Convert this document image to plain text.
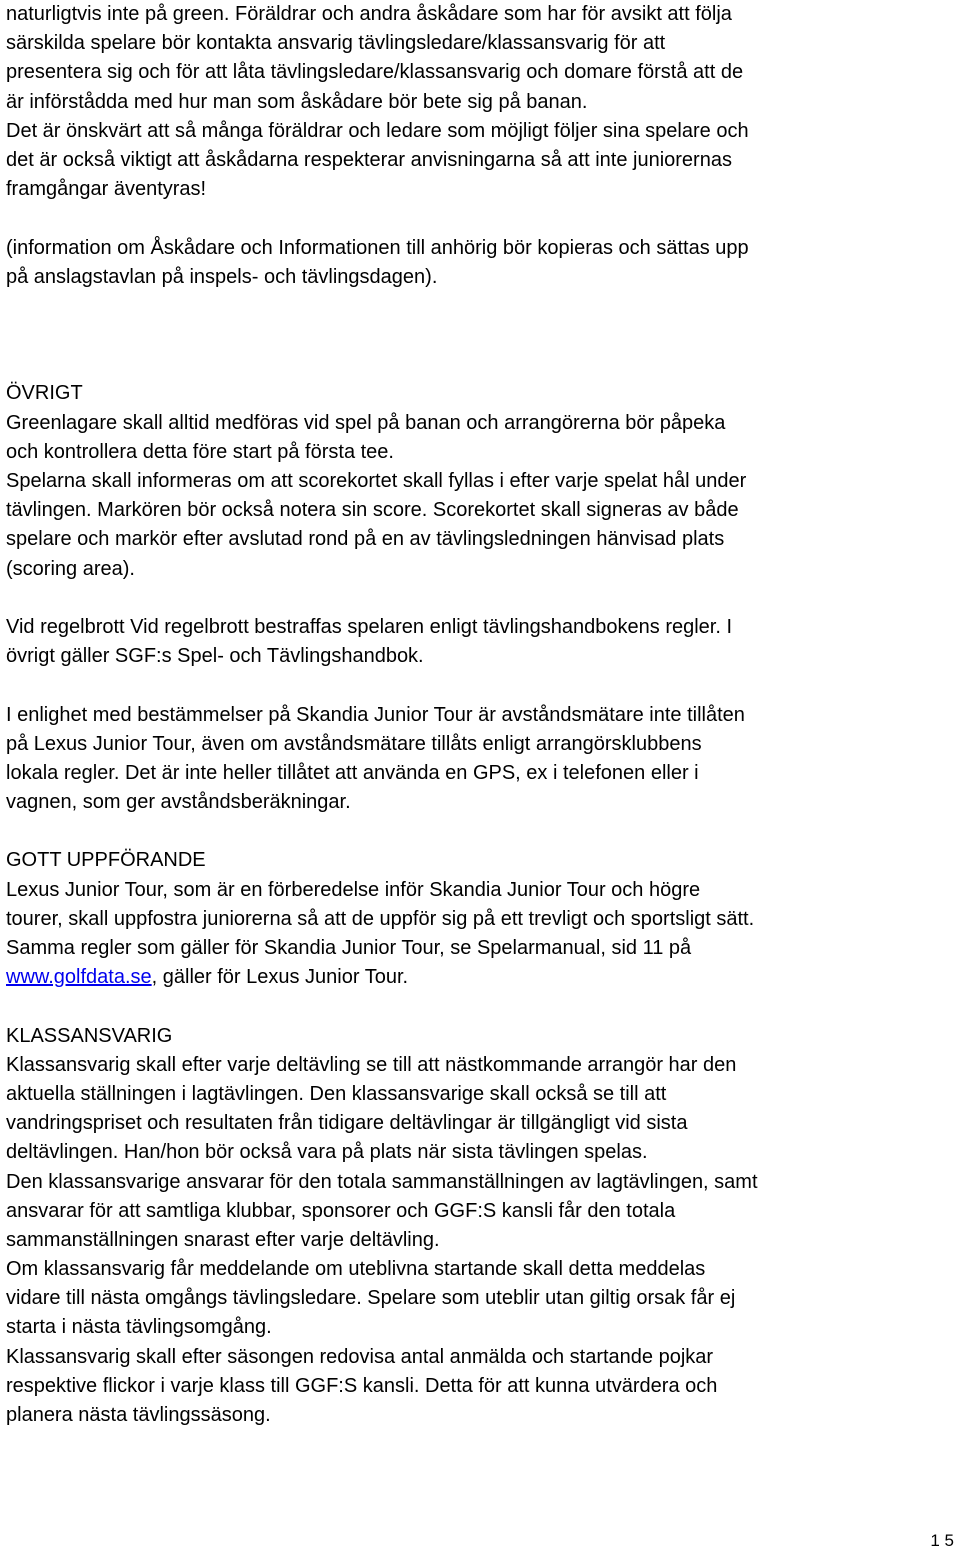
naturligtvis inte på green. Föräldrar och andra åskådare som har för avsikt att följa
särskilda spelare bör kontakta ansvarig tävlingsledare/klassansvarig för att
presentera sig och för att låta tävlingsledare/klassansvarig och domare förstå att de
är införstådda med hur man som åskådare bör bete sig på banan.
Det är önskvärt att så många föräldrar och ledare som möjligt följer sina spelare och
det är också viktigt att åskådarna respekterar anvisningarna så att inte juniorernas
framgångar äventyras!
(information om Åskådare och Informationen till anhörig bör kopieras och sättas upp
på anslagstavlan på inspels- och tävlingsdagen).
ÖVRIGT
Greenlagare skall alltid medföras vid spel på banan och arrangörerna bör påpeka
och kontrollera detta före start på första tee.
Spelarna skall informeras om att scorekortet skall fyllas i efter varje spelat hål under
tävlingen. Markören bör också notera sin score. Scorekortet skall signeras av både
spelare och markör efter avslutad rond på en av tävlingsledningen hänvisad plats
(scoring area).
Vid regelbrott Vid regelbrott bestraffas spelaren enligt tävlingshandbokens regler. I
övrigt gäller SGF:s Spel- och Tävlingshandbok.
I enlighet med bestämmelser på Skandia Junior Tour är avståndsmätare inte tillåten
på Lexus Junior Tour, även om avståndsmätare tillåts enligt arrangörsklubbens
lokala regler. Det är inte heller tillåtet att använda en GPS, ex i telefonen eller i
vagnen, som ger avståndsberäkningar.
GOTT UPPFÖRANDE
Lexus Junior Tour, som är en förberedelse inför Skandia Junior Tour och högre
tourer, skall uppfostra juniorerna så att de uppför sig på ett trevligt och sportsligt sätt.
Samma regler som gäller för Skandia Junior Tour, se Spelarmanual, sid 11 på
www.golfdata.se, gäller för Lexus Junior Tour.
KLASSANSVARIG
Klassansvarig skall efter varje deltävling se till att nästkommande arrangör har den
aktuella ställningen i lagtävlingen. Den klassansvarige skall också se till att
vandringspriset och resultaten från tidigare deltävlingar är tillgängligt vid sista
deltävlingen. Han/hon bör också vara på plats när sista tävlingen spelas.
Den klassansvarige ansvarar för den totala sammanställningen av lagtävlingen, samt
ansvarar för att samtliga klubbar, sponsorer och GGF:S kansli får den totala
sammanställningen snarast efter varje deltävling.
Om klassansvarig får meddelande om uteblivna startande skall detta meddelas
vidare till nästa omgångs tävlingsledare. Spelare som uteblir utan giltig orsak får ej
starta i nästa tävlingsomgång.
Klassansvarig skall efter säsongen redovisa antal anmälda och startande pojkar
respektive flickor i varje klass till GGF:S kansli. Detta för att kunna utvärdera och
planera nästa tävlingssäsong.
1 5
